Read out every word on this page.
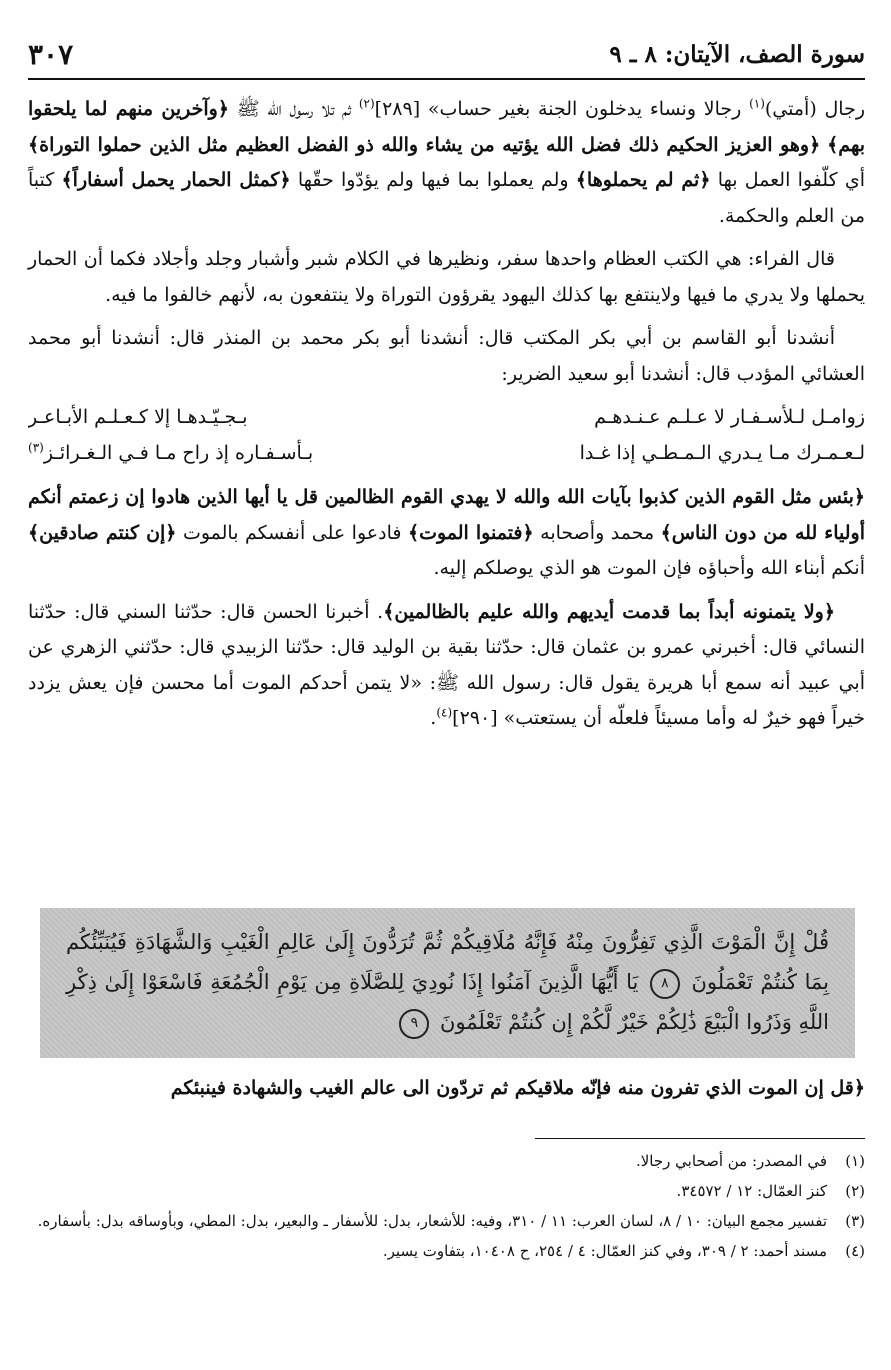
سورة الصف، الآيتان: ٨ ـ ٩
٣٠٧

رجال (أمتي)$^{(١)}$ رجالا ونساء يدخلون الجنة بغير حساب» [٢٨٩]$^{(٢)}$ ثم تلا رسول الله ﷺ ﴿وآخرين منهم لما يلحقوا بهم﴾ ﴿وهو العزيز الحكيم ذلك فضل الله يؤتيه من يشاء والله ذو الفضل العظيم مثل الذين حملوا التوراة﴾ أي كلّفوا العمل بها ﴿ثم لم يحملوها﴾ ولم يعملوا بما فيها ولم يؤدّوا حقّها ﴿كمثل الحمار يحمل أسفاراً﴾ كتباً من العلم والحكمة.

قال الفراء: هي الكتب العظام واحدها سفر، ونظيرها في الكلام شبر وأشبار وجلد وأجلاد فكما أن الحمار يحملها ولا يدري ما فيها ولاينتفع بها كذلك اليهود يقرؤون التوراة ولا ينتفعون به، لأنهم خالفوا ما فيه.

أنشدنا أبو القاسم بن أبي بكر المكتب قال: أنشدنا أبو بكر محمد بن المنذر قال: أنشدنا أبو محمد العشائي المؤدب قال: أنشدنا أبو سعيد الضرير:

زوامـل لـلأسـفـار لا عـلـم عـنـدهـم
بـجـيّـدهـا إلا كـعـلـم الأبـاعـر
لـعـمـرك مـا يـدري الـمـطـي إذا غـدا
بـأسـفـاره إذ راح مـا فـي الـغـرائـز$^{(٣)}$

﴿بئس مثل القوم الذين كذبوا بآيات الله والله لا يهدي القوم الظالمين قل يا أيها الذين هادوا إن زعمتم أنكم أولياء لله من دون الناس﴾ محمد وأصحابه ﴿فتمنوا الموت﴾ فادعوا على أنفسكم بالموت ﴿إن كنتم صادقين﴾ أنكم أبناء الله وأحباؤه فإن الموت هو الذي يوصلكم إليه.

﴿ولا يتمنونه أبداً بما قدمت أيديهم والله عليم بالظالمين﴾. أخبرنا الحسن قال: حدّثنا السني قال: حدّثنا النسائي قال: أخبرني عمرو بن عثمان قال: حدّثنا بقية بن الوليد قال: حدّثنا الزبيدي قال: حدّثني الزهري عن أبي عبيد أنه سمع أبا هريرة يقول قال: رسول الله ﷺ: «لا يتمن أحدكم الموت أما محسن فإن يعش يزدد خيراً فهو خيرٌ له وأما مسيئاً فلعلّه أن يستعتب» [٢٩٠]$^{(٤)}$.

قُلْ إِنَّ الْمَوْتَ الَّذِي تَفِرُّونَ مِنْهُ فَإِنَّهُ مُلَاقِيكُمْ ثُمَّ تُرَدُّونَ إِلَىٰ عَالِمِ الْغَيْبِ وَالشَّهَادَةِ فَيُنَبِّئُكُم بِمَا كُنتُمْ تَعْمَلُونَ ٨ يَا أَيُّهَا الَّذِينَ آمَنُوا إِذَا نُودِيَ لِلصَّلَاةِ مِن يَوْمِ الْجُمُعَةِ فَاسْعَوْا إِلَىٰ ذِكْرِ اللَّهِ وَذَرُوا الْبَيْعَ ذَٰلِكُمْ خَيْرٌ لَّكُمْ إِن كُنتُمْ تَعْلَمُونَ ٩
﴿قل إن الموت الذي تفرون منه فإنّه ملاقيكم ثم تردّون الى عالم الغيب والشهادة فينبئكم
(١)
في المصدر: من أصحابي رجالا.
(٢)
كنز العمّال: ١٢ / ٣٤٥٧٢.
(٣)
تفسير مجمع البيان: ١٠ / ٨، لسان العرب: ١١ / ٣١٠، وفيه: للأشعار، بدل: للأسفار ـ والبعير، بدل: المطي، وبأوساقه بدل: بأسفاره.
(٤)
مسند أحمد: ٢ / ٣٠٩، وفي كنز العمّال: ٤ / ٢٥٤، ح ١٠٤٠٨، بتفاوت يسير.
